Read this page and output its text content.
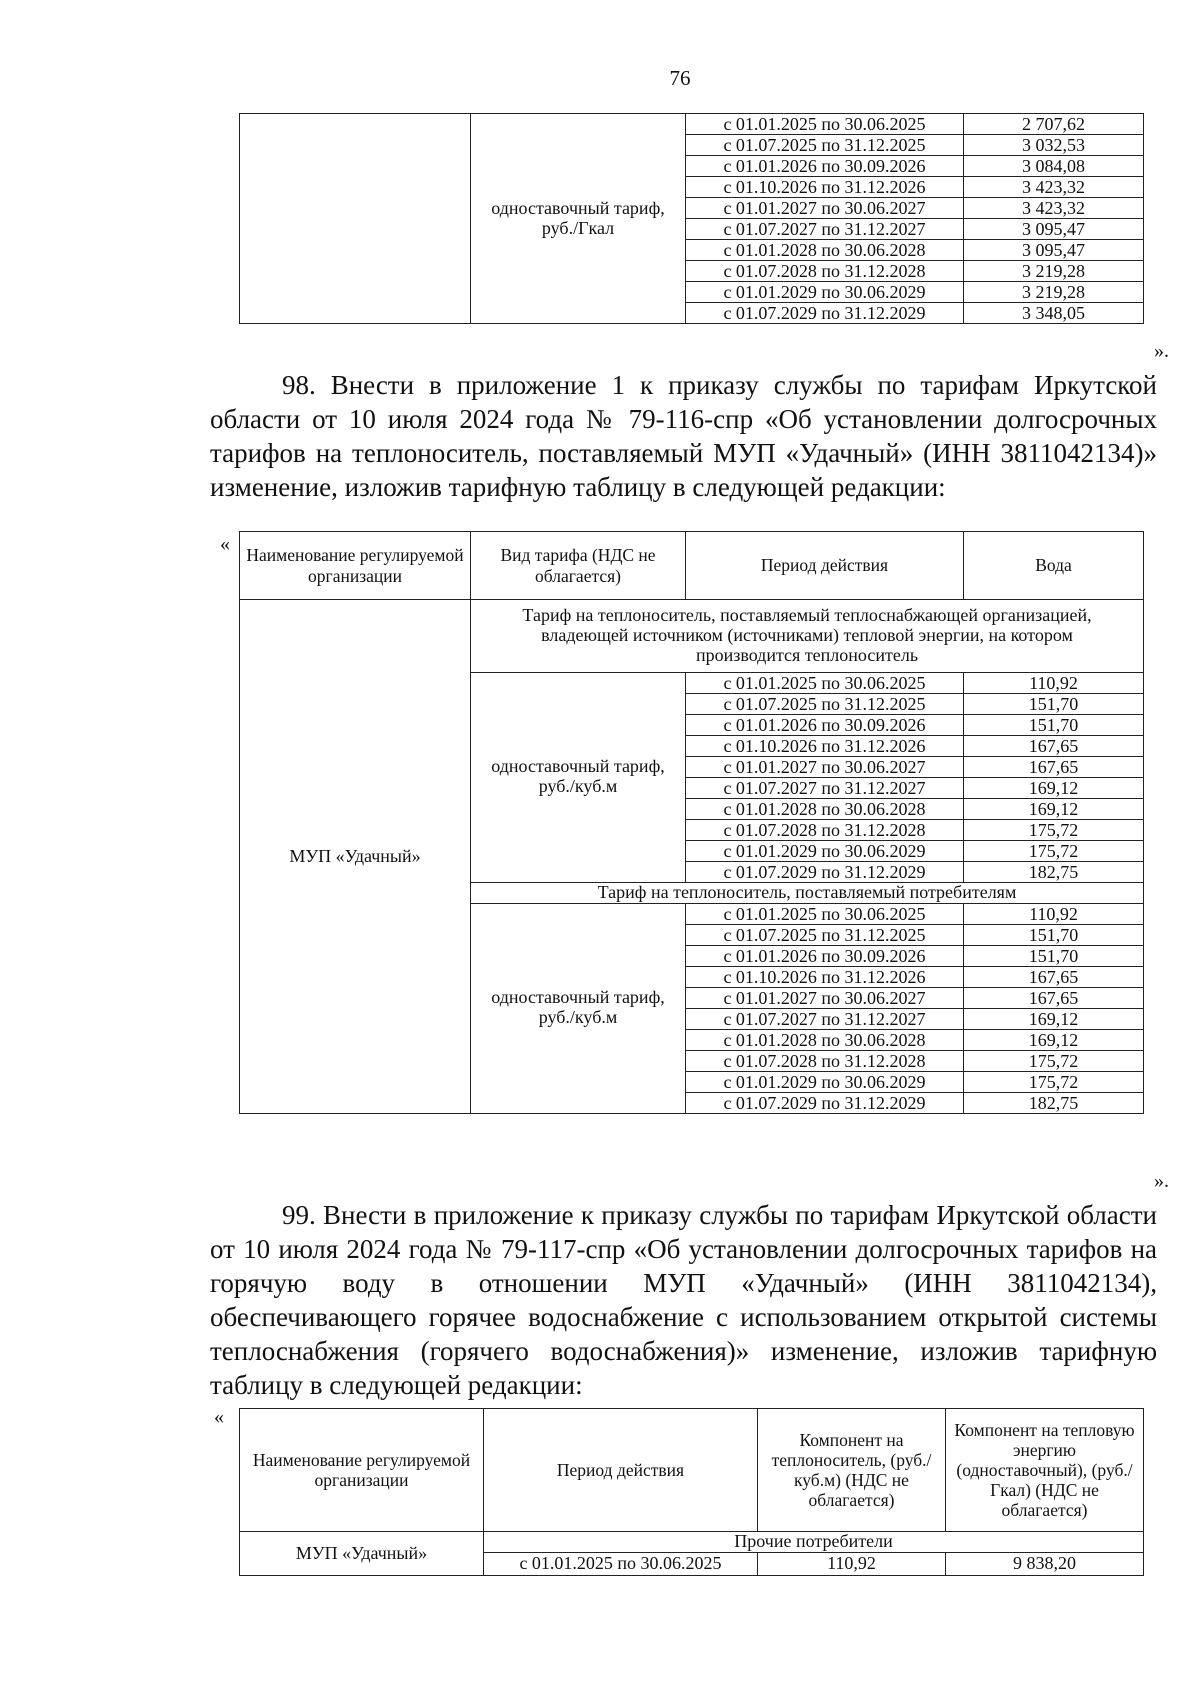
76
	одноставочный тариф, руб./Гкал	с 01.01.2025 по 30.06.2025	2 707,62
		с 01.07.2025 по 31.12.2025	3 032,53
		с 01.01.2026 по 30.09.2026	3 084,08
		с 01.10.2026 по 31.12.2026	3 423,32
		с 01.01.2027 по 30.06.2027	3 423,32
		с 01.07.2027 по 31.12.2027	3 095,47
		с 01.01.2028 по 30.06.2028	3 095,47
		с 01.07.2028 по 31.12.2028	3 219,28
		с 01.01.2029 по 30.06.2029	3 219,28
		с 01.07.2029 по 31.12.2029	3 348,05
».
98. Внести в приложение 1 к приказу службы по тарифам Иркутской области от 10 июля 2024 года № 79-116-спр «Об установлении долгосрочных тарифов на теплоноситель, поставляемый МУП «Удачный» (ИНН 3811042134)» изменение, изложив тарифную таблицу в следующей редакции:
«
Наименование регулируемой организации	Вид тарифа (НДС не облагается)	Период действия	Вода
МУП «Удачный»	Тариф на теплоноситель, поставляемый теплоснабжающей организацией, владеющей источником (источниками) тепловой энергии, на котором производится теплоноситель		
	одноставочный тариф, руб./куб.м	с 01.01.2025 по 30.06.2025	110,92
		с 01.07.2025 по 31.12.2025	151,70
		с 01.01.2026 по 30.09.2026	151,70
		с 01.10.2026 по 31.12.2026	167,65
		с 01.01.2027 по 30.06.2027	167,65
		с 01.07.2027 по 31.12.2027	169,12
		с 01.01.2028 по 30.06.2028	169,12
		с 01.07.2028 по 31.12.2028	175,72
		с 01.01.2029 по 30.06.2029	175,72
		с 01.07.2029 по 31.12.2029	182,75
	Тариф на теплоноситель, поставляемый потребителям		
	одноставочный тариф, руб./куб.м	с 01.01.2025 по 30.06.2025	110,92
		с 01.07.2025 по 31.12.2025	151,70
		с 01.01.2026 по 30.09.2026	151,70
		с 01.10.2026 по 31.12.2026	167,65
		с 01.01.2027 по 30.06.2027	167,65
		с 01.07.2027 по 31.12.2027	169,12
		с 01.01.2028 по 30.06.2028	169,12
		с 01.07.2028 по 31.12.2028	175,72
		с 01.01.2029 по 30.06.2029	175,72
		с 01.07.2029 по 31.12.2029	182,75
».
99. Внести в приложение к приказу службы по тарифам Иркутской области от 10 июля 2024 года № 79-117-спр «Об установлении долгосрочных тарифов на горячую воду в отношении МУП «Удачный» (ИНН 3811042134), обеспечивающего горячее водоснабжение с использованием открытой системы теплоснабжения (горячего водоснабжения)» изменение, изложив тарифную таблицу в следующей редакции:
«
Наименование регулируемой организации	Период действия	Компонент на теплоноситель, (руб./куб.м) (НДС не облагается)	Компонент на тепловую энергию (одноставочный), (руб./Гкал) (НДС не облагается)
МУП «Удачный»	Прочие потребители		
	с 01.01.2025 по 30.06.2025	110,92	9 838,20
